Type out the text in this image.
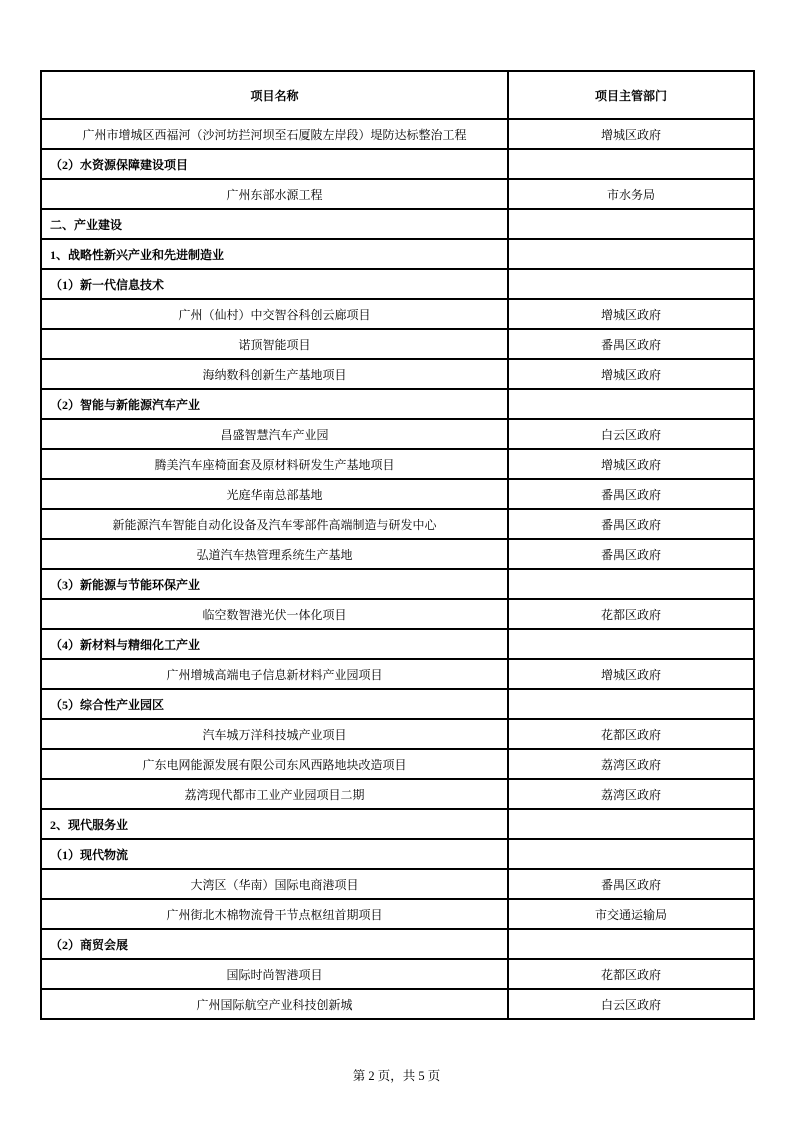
项目名称	项目主管部门
广州市增城区西福河（沙河坊拦河坝至石厦陂左岸段）堤防达标整治工程	增城区政府
（2）水资源保障建设项目	
广州东部水源工程	市水务局
二、产业建设	
1、战略性新兴产业和先进制造业	
（1）新一代信息技术	
广州（仙村）中交智谷科创云廊项目	增城区政府
诺顶智能项目	番禺区政府
海纳数科创新生产基地项目	增城区政府
（2）智能与新能源汽车产业	
昌盛智慧汽车产业园	白云区政府
腾美汽车座椅面套及原材料研发生产基地项目	增城区政府
光庭华南总部基地	番禺区政府
新能源汽车智能自动化设备及汽车零部件高端制造与研发中心	番禺区政府
弘道汽车热管理系统生产基地	番禺区政府
（3）新能源与节能环保产业	
临空数智港光伏一体化项目	花都区政府
（4）新材料与精细化工产业	
广州增城高端电子信息新材料产业园项目	增城区政府
（5）综合性产业园区	
汽车城万洋科技城产业项目	花都区政府
广东电网能源发展有限公司东风西路地块改造项目	荔湾区政府
荔湾现代都市工业产业园项目二期	荔湾区政府
2、现代服务业	
（1）现代物流	
大湾区（华南）国际电商港项目	番禺区政府
广州街北木棉物流骨干节点枢纽首期项目	市交通运输局
（2）商贸会展	
国际时尚智港项目	花都区政府
广州国际航空产业科技创新城	白云区政府
第 2 页，共 5 页
